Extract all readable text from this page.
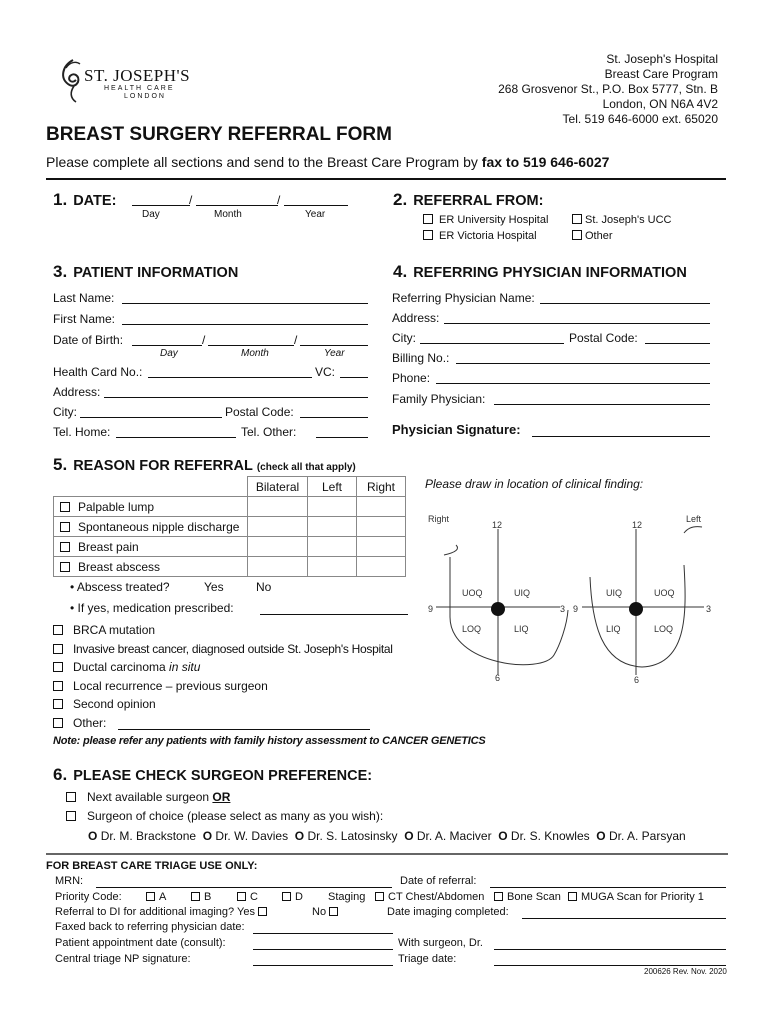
ST. JOSEPH'S
HEALTH CARE
LONDON
St. Joseph's Hospital
Breast Care Program
268 Grosvenor St., P.O. Box 5777, Stn. B
London, ON N6A 4V2
Tel. 519 646-6000 ext. 65020
BREAST SURGERY REFERRAL FORM
Please complete all sections and send to the Breast Care Program by fax to 519 646-6027
1. DATE:	/	/
Day	Month	Year
2. REFERRAL FROM:
ER University Hospital
ER Victoria Hospital
St. Joseph's UCC
Other
3. PATIENT INFORMATION
Last Name:
First Name:
Date of Birth:	/	/
Day	Month	Year
Health Card No.:	VC:
Address:
City:	Postal Code:
Tel. Home:	Tel. Other:
4. REFERRING PHYSICIAN INFORMATION
Referring Physician Name:
Address:
City:	Postal Code:
Billing No.:
Phone:
Family Physician:
Physician Signature:
5. REASON FOR REFERRAL (check all that apply)
	Bilateral	Left	Right
Palpable lump			
Spontaneous nipple discharge			
Breast pain			
Breast abscess			
• Abscess treated?	Yes	No
• If yes, medication prescribed:
BRCA mutation
Invasive breast cancer, diagnosed outside St. Joseph's Hospital
Ductal carcinoma in situ
Local recurrence – previous surgeon
Second opinion
Other:
Note: please refer any patients with family history assessment to CANCER GENETICS
Please draw in location of clinical finding:
Right	Left
12	12
9	3 9	3
6	6
UOQ	UIQ
LOQ	LIQ
UIQ	UOQ
LIQ	LOQ
6. PLEASE CHECK SURGEON PREFERENCE:
Next available surgeon OR
Surgeon of choice (please select as many as you wish):
O Dr. M. Brackstone O Dr. W. Davies O Dr. S. Latosinsky O Dr. A. Maciver O Dr. S. Knowles O Dr. A. Parsyan
FOR BREAST CARE TRIAGE USE ONLY:
MRN:	Date of referral:
Priority Code:	A	B	C	D Staging	CT Chest/Abdomen	Bone Scan	MUGA Scan for Priority 1
Referral to DI for additional imaging? Yes	No	Date imaging completed:
Faxed back to referring physician date:
Patient appointment date (consult):	With surgeon, Dr.
Central triage NP signature:	Triage date:
200626 Rev. Nov. 2020
